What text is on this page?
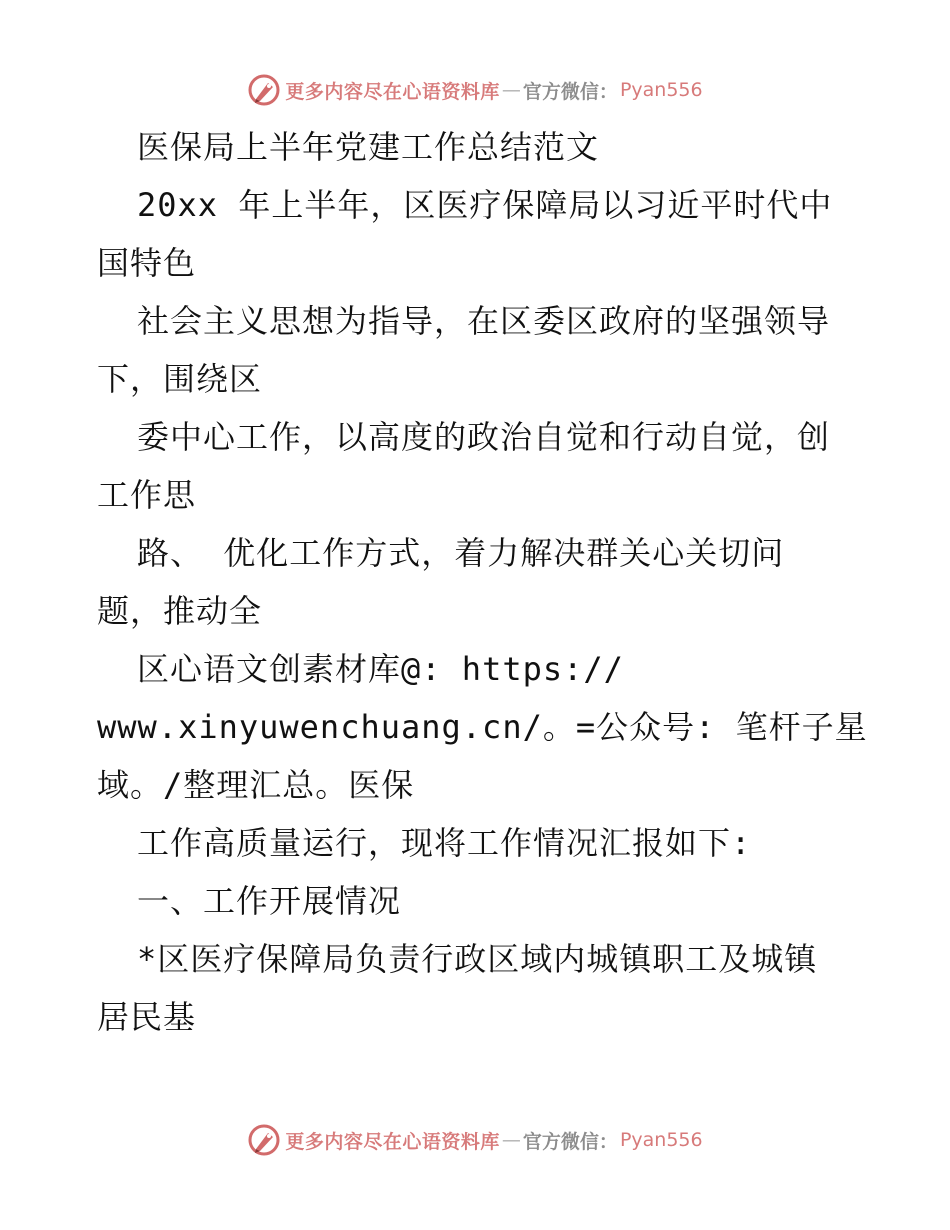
更多内容尽在心语资料库 — 官方微信： Pyan556
医保局上半年党建工作总结范文
20xx 年上半年，区医疗保障局以习近平时代中
国特色
社会主义思想为指导，在区委区政府的坚强领导
下，围绕区
委中心工作，以高度的政治自觉和行动自觉，创
工作思
路、 优化工作方式，着力解决群关心关切问
题，推动全
区心语文创素材库@: https://
www.xinyuwenchuang.cn/。=公众号: 笔杆子星
域。/整理汇总。医保
工作高质量运行，现将工作情况汇报如下:
一、工作开展情况
*区医疗保障局负责行政区域内城镇职工及城镇
居民基
更多内容尽在心语资料库 — 官方微信： Pyan556
